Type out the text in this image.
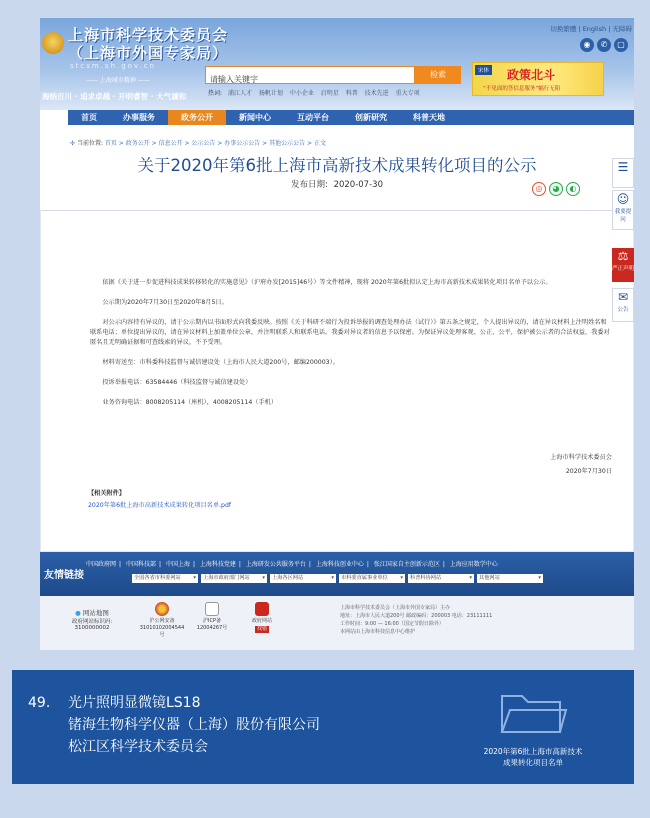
上海市科学技术委员会
（上海市外国专家局）
stcsm.sh.gov.cn
—— 上海城市精神 ——
海纳百川 · 追求卓越 · 开明睿智 · 大气谦和
切换繁體 | English | 无障碍
◉	✆	▢
请输入关键字
检索
热词: 浦江人才 扬帆计划 中小企业 启明星 科普 技术先进 重大专项
宋体 政策北斗
“不见面的答信息服务”幅行无阻
首页	办事服务	政务公开	新闻中心	互动平台	创新研究	科普天地
✢ 当前位置: 首页 > 政务公开 > 信息公开 > 公示公告 > 办事公示公告 > 其他公示公告 > 正文
关于2020年第6批上海市高新技术成果转化项目的公示
发布日期: 2020-07-30	◎	◕	◐

　　依据《关于进一步促进科技成果转移转化的实施意见》（沪府办发[2015]46号）等文件精神，现将 2020年第6批拟认定上海市高新技术成果转化项目名单予以公示。

　　公示期为2020年7月30日至2020年8月5日。

　　对公示内容持有异议的，请于公示期内以书面形式向我委反映。按照《关于科研不端行为投诉举报的调查处理办法（试行）》第五条之规定，个人提出异议的，请在异议材料上注明姓名和联系电话；单位提出异议的，请在异议材料上加盖单位公章，并注明联系人和联系电话。我委对异议者的信息予以保密。为保证异议处理客观、公正、公平，保护被公示者的合法权益，我委对匿名且无明确证据和可查线索的异议，不予受理。

　　材料寄送至：市科委科技监督与诚信建设处（上海市人民大道200号，邮编200003）。

　　投诉举报电话：63584446（科技监督与诚信建设处）

　　业务咨询电话：8008205114（座机），4008205114（手机）

上海市科学技术委员会
2020年7月30日
【相关附件】
2020年第6批上海市高新技术成果转化项目名单.pdf
☰
☺
我要提问
⚖
严正声明
✉
公告
友情链接
中国政府网 | 中国科技部 | 中国上海 | 上海科技党建 | 上海研发公共服务平台 | 上海科技创业中心 | 张江国家自主创新示范区 | 上海应用数学中心
全国各省市科委网站 ▾ 上海市政府部门网站 ▾ 上海各区网站	▾ 市科委直属事业单位 ▾ 科普科协网站	▾ 其他网站	▾
● 网站地图
政府网站标识码:
3100000002
沪公网安备
31010102004544号
沪ICP备
12004267号
政府网站
找错
上海市科学技术委员会（上海市外国专家局）主办
地址：上海市人民大道200号 邮政编码：200003 电话：23111111
工作时间：9:00 — 16:00（国定节假日除外）
本网站由上海市科技信息中心维护
49. 光片照明显微镜LS18
锗海生物科学仪器（上海）股份有限公司
松江区科学技术委员会	2020年第6批上海市高新技术
成果转化项目名单
